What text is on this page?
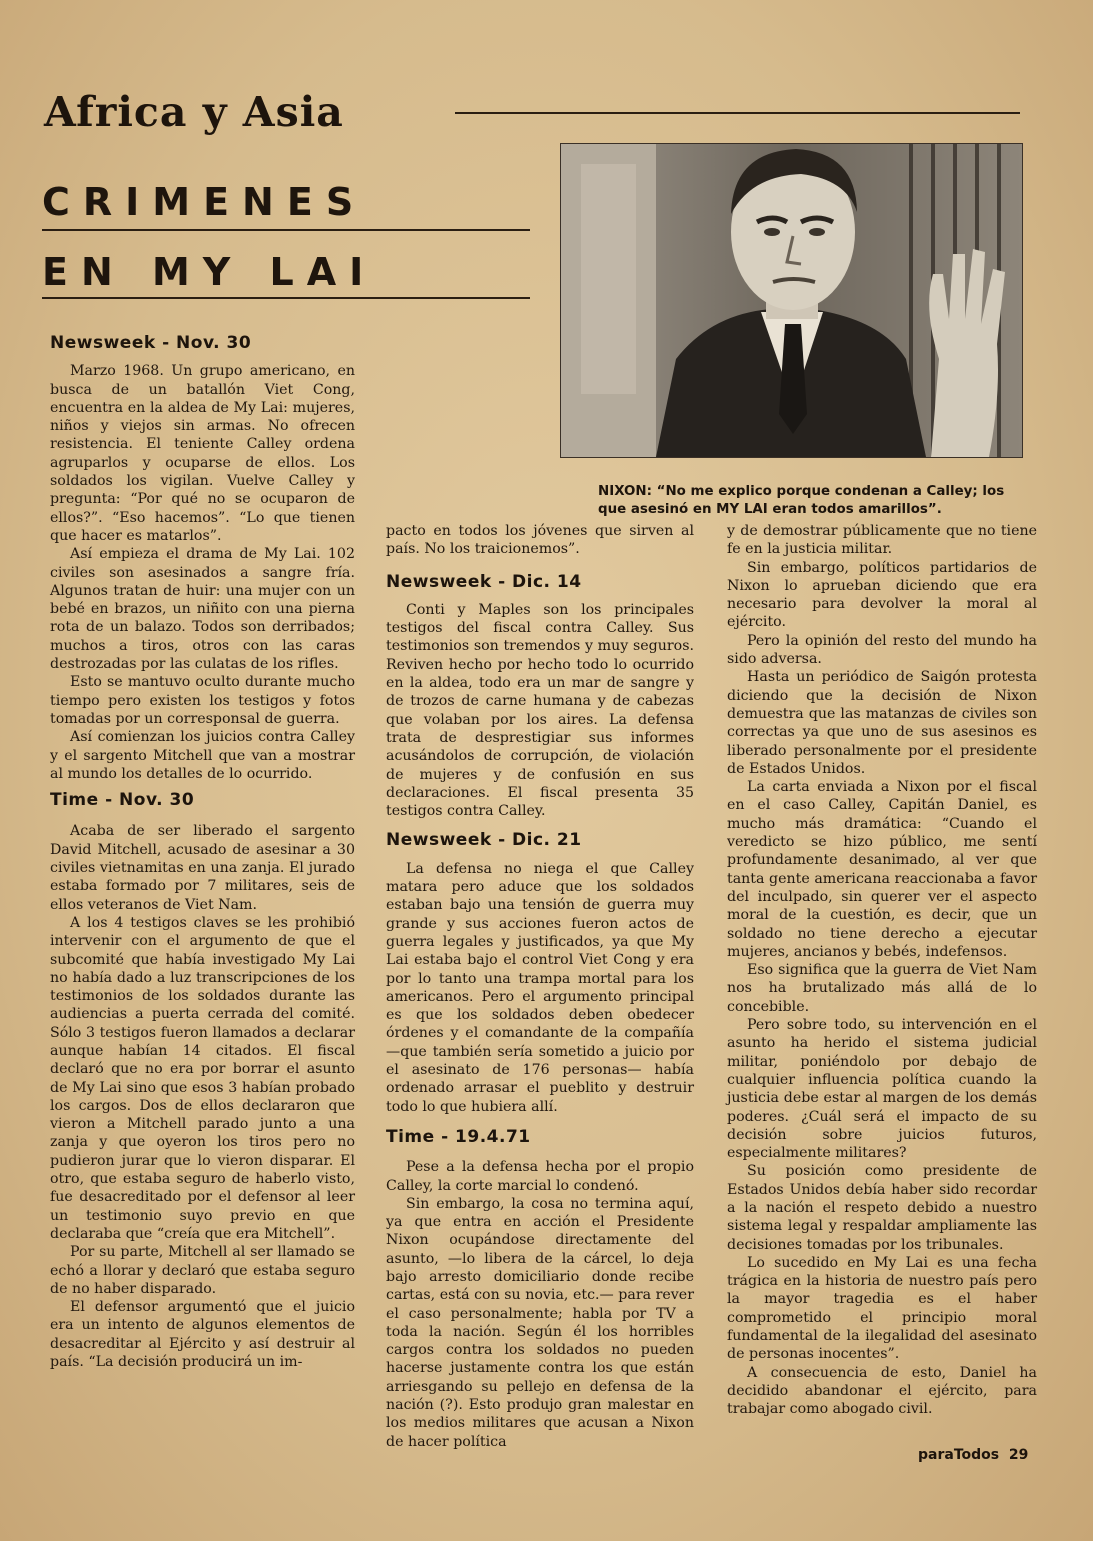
Africa y Asia
CRIMENES
EN MY LAI

NIXON: “No me explico porque condenan a Calley; los que asesinó en MY LAI eran todos amarillos”.

Newsweek - Nov. 30

Marzo 1968. Un grupo americano, en busca de un batallón Viet Cong, encuentra en la aldea de My Lai: mujeres, niños y viejos sin armas. No ofrecen resistencia. El teniente Calley ordena agruparlos y ocuparse de ellos. Los soldados los vigilan. Vuelve Calley y pregunta: “Por qué no se ocuparon de ellos?”. “Eso hacemos”. “Lo que tienen que hacer es matarlos”.

Así empieza el drama de My Lai. 102 civiles son asesinados a sangre fría. Algunos tratan de huir: una mujer con un bebé en brazos, un niñito con una pierna rota de un balazo. Todos son derribados; muchos a tiros, otros con las caras destrozadas por las culatas de los rifles.

Esto se mantuvo oculto durante mucho tiempo pero existen los testigos y fotos tomadas por un corresponsal de guerra.

Así comienzan los juicios contra Calley y el sargento Mitchell que van a mostrar al mundo los detalles de lo ocurrido.

Time - Nov. 30

Acaba de ser liberado el sargento David Mitchell, acusado de asesinar a 30 civiles vietnamitas en una zanja. El jurado estaba formado por 7 militares, seis de ellos veteranos de Viet Nam.

A los 4 testigos claves se les prohibió intervenir con el argumento de que el subcomité que había investigado My Lai no había dado a luz transcripciones de los testimonios de los soldados durante las audiencias a puerta cerrada del comité. Sólo 3 testigos fueron llamados a declarar aunque habían 14 citados. El fiscal declaró que no era por borrar el asunto de My Lai sino que esos 3 habían probado los cargos. Dos de ellos declararon que vieron a Mitchell parado junto a una zanja y que oyeron los tiros pero no pudieron jurar que lo vieron disparar. El otro, que estaba seguro de haberlo visto, fue desacreditado por el defensor al leer un testimonio suyo previo en que declaraba que “creía que era Mitchell”.

Por su parte, Mitchell al ser llamado se echó a llorar y declaró que estaba seguro de no haber disparado.

El defensor argumentó que el juicio era un intento de algunos elementos de desacreditar al Ejército y así destruir al país. “La decisión producirá un im-

pacto en todos los jóvenes que sirven al país. No los traicionemos”.

Newsweek - Dic. 14

Conti y Maples son los principales testigos del fiscal contra Calley. Sus testimonios son tremendos y muy seguros. Reviven hecho por hecho todo lo ocurrido en la aldea, todo era un mar de sangre y de trozos de carne humana y de cabezas que volaban por los aires. La defensa trata de desprestigiar sus informes acusándolos de corrupción, de violación de mujeres y de confusión en sus declaraciones. El fiscal presenta 35 testigos contra Calley.

Newsweek - Dic. 21

La defensa no niega el que Calley matara pero aduce que los soldados estaban bajo una tensión de guerra muy grande y sus acciones fueron actos de guerra legales y justificados, ya que My Lai estaba bajo el control Viet Cong y era por lo tanto una trampa mortal para los americanos. Pero el argumento principal es que los soldados deben obedecer órdenes y el comandante de la compañía —que también sería sometido a juicio por el asesinato de 176 personas— había ordenado arrasar el pueblito y destruir todo lo que hubiera allí.

Time - 19.4.71

Pese a la defensa hecha por el propio Calley, la corte marcial lo condenó.

Sin embargo, la cosa no termina aquí, ya que entra en acción el Presidente Nixon ocupándose directamente del asunto, —lo libera de la cárcel, lo deja bajo arresto domiciliario donde recibe cartas, está con su novia, etc.— para rever el caso personalmente; habla por TV a toda la nación. Según él los horribles cargos contra los soldados no pueden hacerse justamente contra los que están arriesgando su pellejo en defensa de la nación (?). Esto produjo gran malestar en los medios militares que acusan a Nixon de hacer política

y de demostrar públicamente que no tiene fe en la justicia militar.

Sin embargo, políticos partidarios de Nixon lo aprueban diciendo que era necesario para devolver la moral al ejército.

Pero la opinión del resto del mundo ha sido adversa.

Hasta un periódico de Saigón protesta diciendo que la decisión de Nixon demuestra que las matanzas de civiles son correctas ya que uno de sus asesinos es liberado personalmente por el presidente de Estados Unidos.

La carta enviada a Nixon por el fiscal en el caso Calley, Capitán Daniel, es mucho más dramática: “Cuando el veredicto se hizo público, me sentí profundamente desanimado, al ver que tanta gente americana reaccionaba a favor del inculpado, sin querer ver el aspecto moral de la cuestión, es decir, que un soldado no tiene derecho a ejecutar mujeres, ancianos y bebés, indefensos.

Eso significa que la guerra de Viet Nam nos ha brutalizado más allá de lo concebible.

Pero sobre todo, su intervención en el asunto ha herido el sistema judicial militar, poniéndolo por debajo de cualquier influencia política cuando la justicia debe estar al margen de los demás poderes. ¿Cuál será el impacto de su decisión sobre juicios futuros, especialmente militares?

Su posición como presidente de Estados Unidos debía haber sido recordar a la nación el respeto debido a nuestro sistema legal y respaldar ampliamente las decisiones tomadas por los tribunales.

Lo sucedido en My Lai es una fecha trágica en la historia de nuestro país pero la mayor tragedia es el haber comprometido el principio moral fundamental de la ilegalidad del asesinato de personas inocentes”.

A consecuencia de esto, Daniel ha decidido abandonar el ejército, para trabajar como abogado civil.

paraTodos 29
